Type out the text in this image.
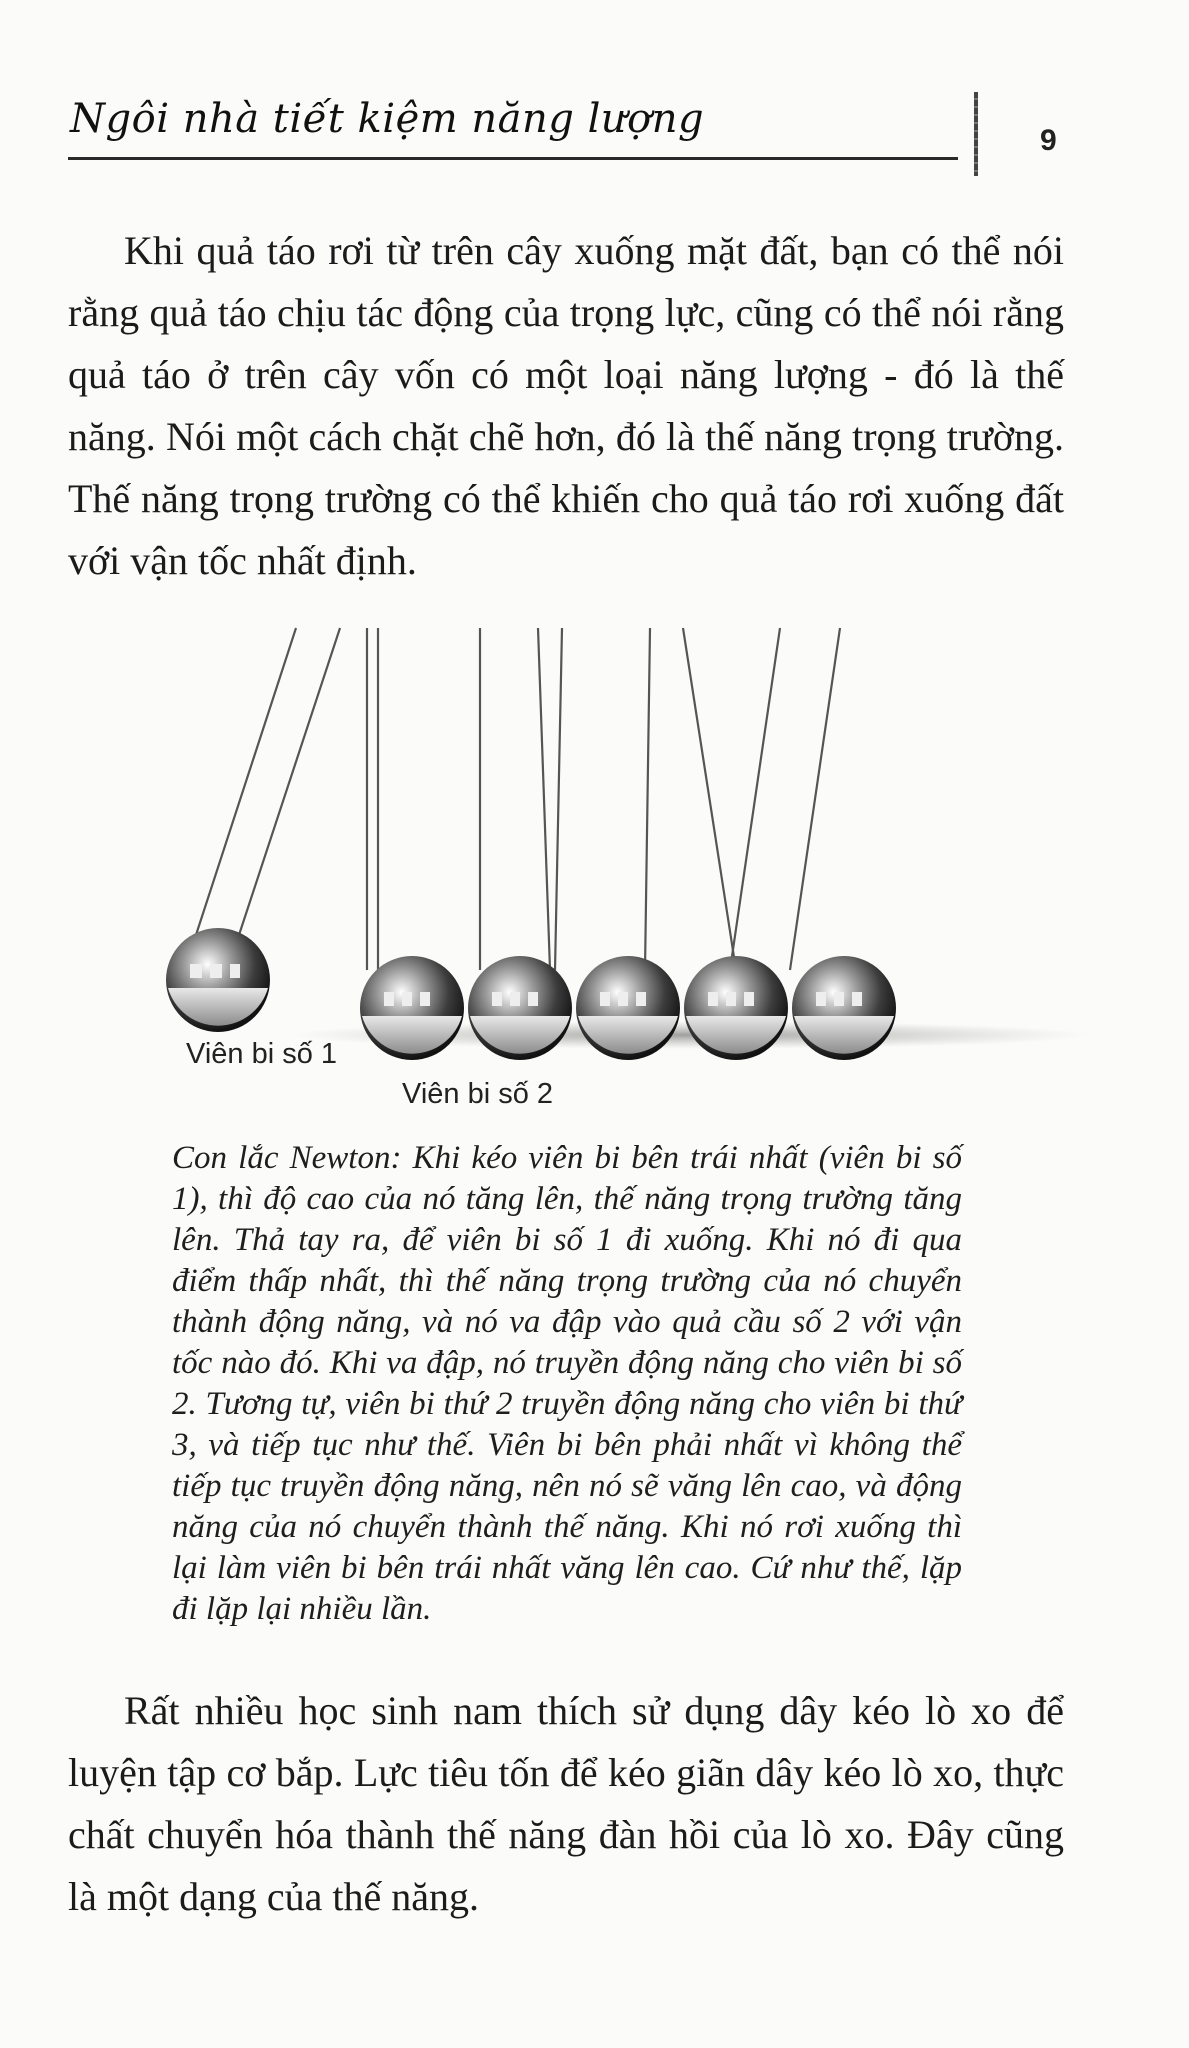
Ngôi nhà tiết kiệm năng lượng	9

Khi quả táo rơi từ trên cây xuống mặt đất, bạn có thể nói rằng quả táo chịu tác động của trọng lực, cũng có thể nói rằng quả táo ở trên cây vốn có một loại năng lượng - đó là thế năng. Nói một cách chặt chẽ hơn, đó là thế năng trọng trường. Thế năng trọng trường có thể khiến cho quả táo rơi xuống đất với vận tốc nhất định.

Viên bi số 1
Viên bi số 2
Con lắc Newton: Khi kéo viên bi bên trái nhất (viên bi số 1), thì độ cao của nó tăng lên, thế năng trọng trường tăng lên. Thả tay ra, để viên bi số 1 đi xuống. Khi nó đi qua điểm thấp nhất, thì thế năng trọng trường của nó chuyển thành động năng, và nó va đập vào quả cầu số 2 với vận tốc nào đó. Khi va đập, nó truyền động năng cho viên bi số 2. Tương tự, viên bi thứ 2 truyền động năng cho viên bi thứ 3, và tiếp tục như thế. Viên bi bên phải nhất vì không thể tiếp tục truyền động năng, nên nó sẽ văng lên cao, và động năng của nó chuyển thành thế năng. Khi nó rơi xuống thì lại làm viên bi bên trái nhất văng lên cao. Cứ như thế, lặp đi lặp lại nhiều lần.

Rất nhiều học sinh nam thích sử dụng dây kéo lò xo để luyện tập cơ bắp. Lực tiêu tốn để kéo giãn dây kéo lò xo, thực chất chuyển hóa thành thế năng đàn hồi của lò xo. Đây cũng là một dạng của thế năng.
